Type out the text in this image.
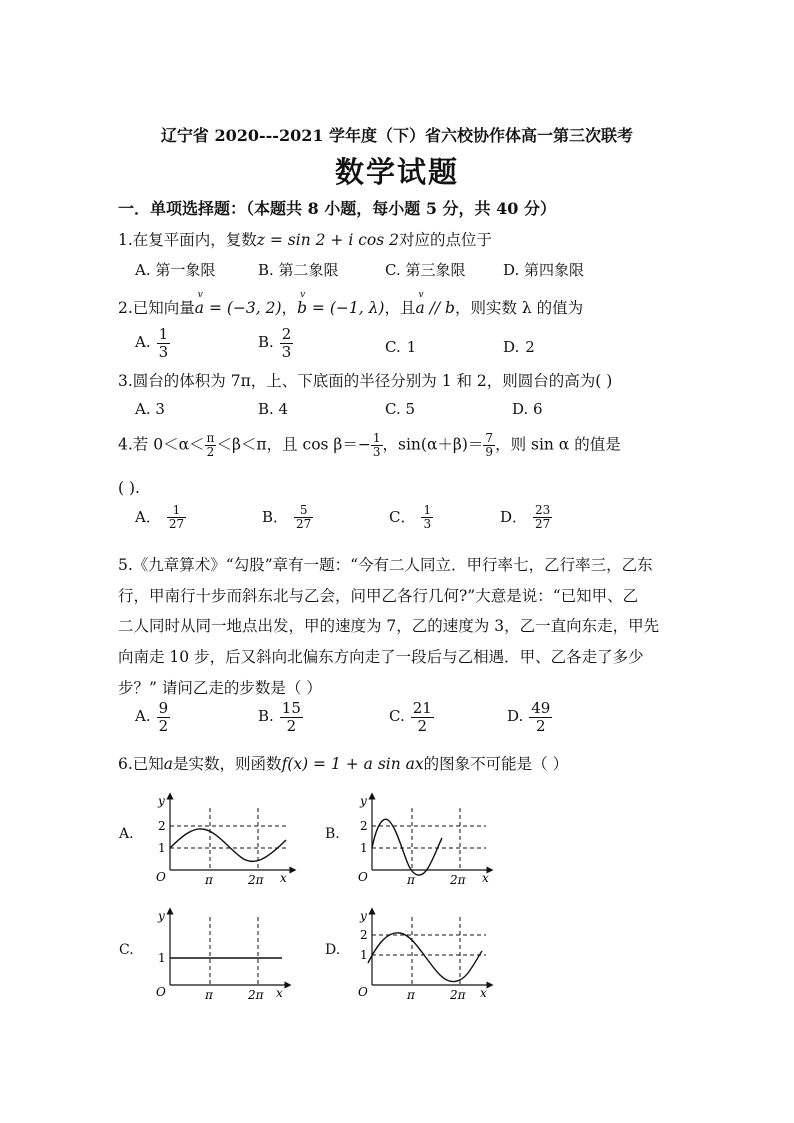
辽宁省 2020---2021 学年度（下）省六校协作体高一第三次联考
数学试题
一．单项选择题：（本题共 8 小题，每小题 5 分，共 40 分）
1.在复平面内，复数z = sin 2 + i cos 2对应的点位于
A. 第一象限	B. 第二象限	C. 第三象限	D. 第四象限
2.已知向量v a = (−3, 2)，v b = (−1, λ)，且v a // b，则实数 λ 的值为
A. $\frac{1}{3}$	B. $\frac{2}{3}$	C. 1	D. 2
3.圆台的体积为 7π，上、下底面的半径分别为 1 和 2，则圆台的高为( )
A. 3	B. 4	C. 5	D. 6
4.若 $0<\alpha< \frac{\pi}{2} <\beta<\pi$，且 $\cos \beta=- \frac{1}{3}$ ，$\sin(\alpha+\beta)= \frac{7}{9}$ ，则 sin α 的值是
( ).
A． $\frac{1}{27}$	B． $\frac{5}{27}$	C． $\frac{1}{3}$	D． $\frac{23}{27}$
5.《九章算术》“勾股”章有一题：“今有二人同立．甲行率七，乙行率三，乙东
行，甲南行十步而斜东北与乙会，问甲乙各行几何?”大意是说：“已知甲、乙
二人同时从同一地点出发，甲的速度为 7，乙的速度为 3，乙一直向东走，甲先
向南走 10 步，后又斜向北偏东方向走了一段后与乙相遇．甲、乙各走了多少
步？” 请问乙走的步数是（ ）
A. $\frac{9}{2}$	B. $\frac{15}{2}$	C. $\frac{21}{2}$	D. $\frac{49}{2}$
6.已知a是实数，则函数f(x) = 1 + a sin ax的图象不可能是（ ）
A.
y
2
1
O	π	2π x
B.
y
2
1
O	π	2π x
C.
y
1
O	π	2π x
D.
y
2
1
O	π	2π x
